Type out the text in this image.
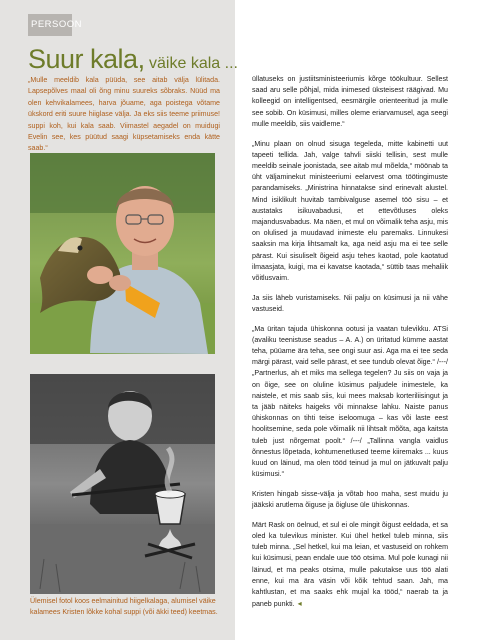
PERSOON
Suur kala, väike kala ...
„Mulle meeldib kala püüda, see aitab välja lülitada. Lapsepõlves maal oli õng minu suureks sõbraks. Nüüd ma olen kehvikalamees, harva jõuame, aga poistega võtame ükskord eriti suure hiiglase välja. Ja eks siis teeme priimuse! suppi koh, kui kala saab. Viimastel aegadel on muidugi Evelin see, kes püütud saagi küpsetamiseks enda kätte saab.“
Ülemisel fotol koos eelmainitud hiigelkalaga, alumisel väike kalamees Kristen lõkke kohal suppi (või äkki teed) keetmas.

üllatuseks on justiitsministeeriumis kõrge töökultuur. Sellest saad aru selle põhjal, mida inimesed üksteisest räägivad. Mu kolleegid on intelligentsed, eesmärgile orienteeritud ja mulle see sobib. On küsimusi, milles oleme eriarvamusel, aga seegi mulle meeldib, siis vaidleme.“

„Minu plaan on olnud sisuga tegeleda, mitte kabinetti uut tapeeti tellida. Jah, valge tahvli siiski tellisin, sest mulle meeldib seinale joonistada, see aitab mul mõelda,“ möönab ta üht väljaminekut ministeeriumi eelarvest oma töötingimuste parandamiseks. „Ministrina hinnatakse sind erinevalt alustel. Mind isiklikult huvitab tambivalguse asemel töö sisu – et austataks isikuvabadusi, et ettevõtluses oleks majandusvabadus. Ma näen, et mul on võimalik teha asju, mis on olulised ja muudavad inimeste elu paremaks. Linnukesi saaksin ma kirja lihtsamalt ka, aga neid asju ma ei tee selle pärast. Kui sisuliselt õigeid asju tehes kaotad, pole kaotatud ilmaasjata, kuigi, ma ei kavatse kaotada,“ süttib taas mehaliik võitlusvaim.

Ja siis läheb vuristamiseks. Nii palju on küsimusi ja nii vähe vastuseid.

„Ma üritan tajuda ühiskonna ootusi ja vaatan tulevikku. ATSi (avaliku teenistuse seadus – A. A.) on üritatud kümme aastat teha, püüame ära teha, see ongi suur asi. Aga ma ei tee seda märgi pärast, vaid selle pärast, et see tundub olevat õige.“ /---/ „Partnerlus, ah et miks ma sellega tegelen? Ju siis on vaja ja on õige, see on oluline küsimus paljudele inimestele, ka naistele, et mis saab siis, kui mees maksab korteriliisingut ja ta jääb näiteks haigeks või minnakse lahku. Naiste panus ühiskonnas on tihti teise iseloomuga – kas või laste eest hoolitsemine, seda pole võimalik nii lihtsalt mõõta, aga kaitsta tuleb just nõrgemat poolt.“ /---/ „Tallinna vangla vaidlus õnnestus lõpetada, kohtumenetlused teeme kiiremaks ... kuus kuud on läinud, ma olen tööd teinud ja mul on jätkuvalt palju küsimusi.“

Kristen hingab sisse-välja ja võtab hoo maha, sest muidu ju jääkski arutlema õiguse ja õigluse üle ühiskonnas.

Märt Rask on öelnud, et sul ei ole mingit õigust eeldada, et sa oled ka tulevikus minister. Kui ühel hetkel tuleb minna, siis tuleb minna. „Sel hetkel, kui ma leian, et vastuseid on rohkem kui küsimusi, pean endale uue töö otsima. Mul pole kunagi nii läinud, et ma peaks otsima, mulle pakutakse uus töö alati enne, kui ma ära väsin või kõik tehtud saan. Jah, ma kahtlustan, et ma saaks ehk mujal ka tööd,“ naerab ta ja paneb punkti. ◂
